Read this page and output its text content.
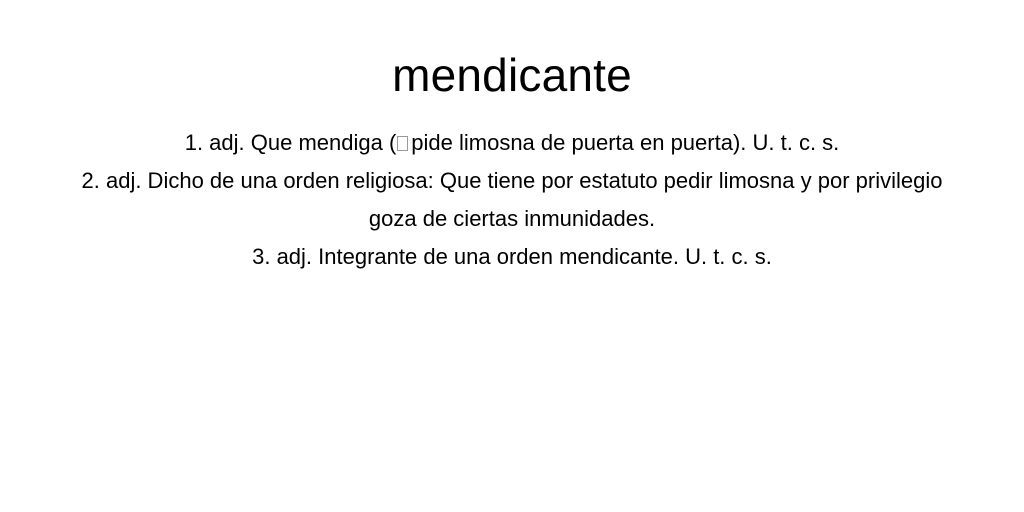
mendicante
1. adj. Que mendiga ( pide limosna de puerta en puerta). U. t. c. s.
2. adj. Dicho de una orden religiosa: Que tiene por estatuto pedir limosna y por privilegio goza de ciertas inmunidades.
3. adj. Integrante de una orden mendicante. U. t. c. s.
